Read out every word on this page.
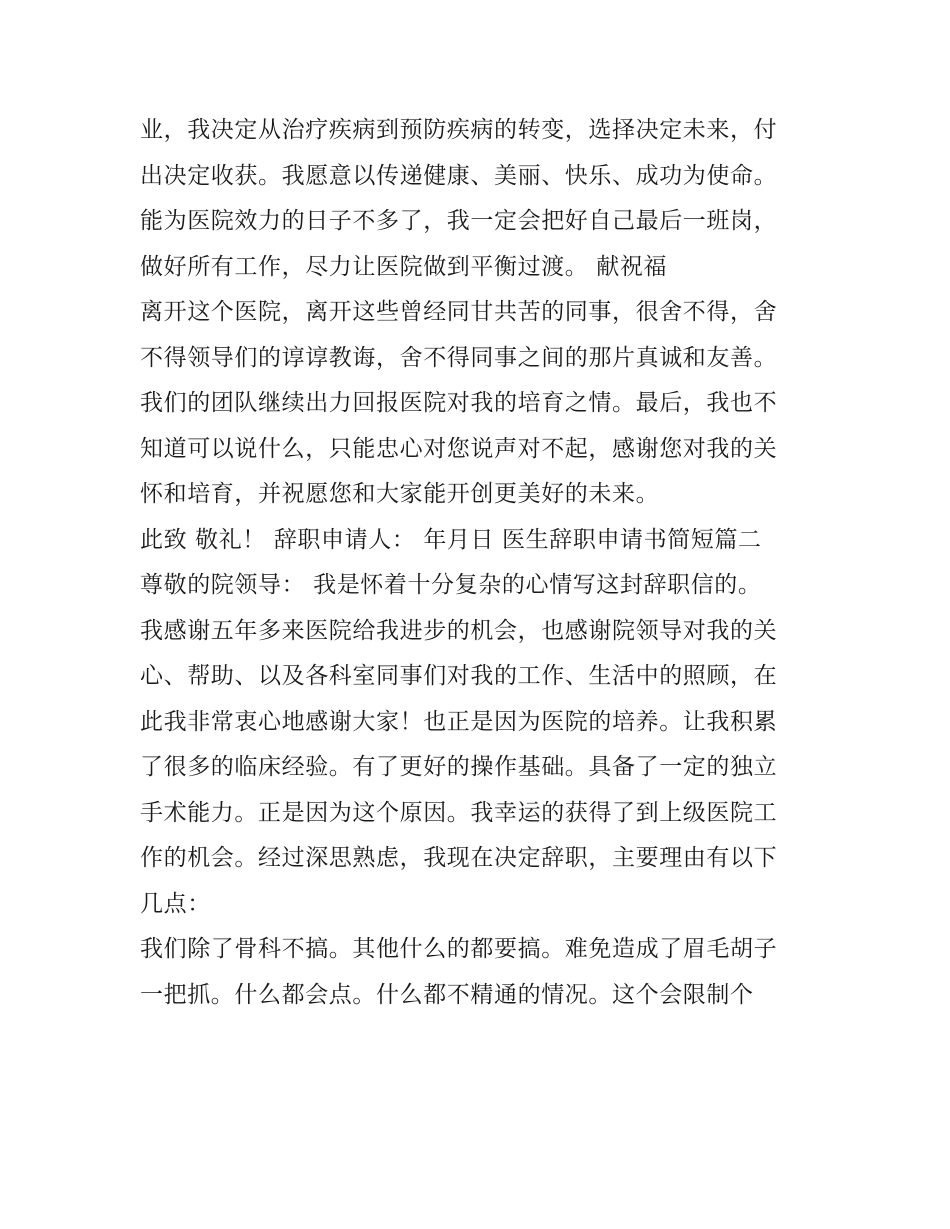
业，我决定从治疗疾病到预防疾病的转变，选择决定未来，付
出决定收获。我愿意以传递健康、美丽、快乐、成功为使命。
能为医院效力的日子不多了，我一定会把好自己最后一班岗，
做好所有工作，尽力让医院做到平衡过渡。 献祝福
离开这个医院，离开这些曾经同甘共苦的同事，很舍不得，舍
不得领导们的谆谆教诲，舍不得同事之间的那片真诚和友善。
我们的团队继续出力回报医院对我的培育之情。最后，我也不
知道可以说什么，只能忠心对您说声对不起，感谢您对我的关
怀和培育，并祝愿您和大家能开创更美好的未来。
此致 敬礼！ 辞职申请人： 年月日 医生辞职申请书简短篇二
尊敬的院领导： 我是怀着十分复杂的心情写这封辞职信的。
我感谢五年多来医院给我进步的机会，也感谢院领导对我的关
心、帮助、以及各科室同事们对我的工作、生活中的照顾，在
此我非常衷心地感谢大家！也正是因为医院的培养。让我积累
了很多的临床经验。有了更好的操作基础。具备了一定的独立
手术能力。正是因为这个原因。我幸运的获得了到上级医院工
作的机会。经过深思熟虑，我现在决定辞职，主要理由有以下
几点：
我们除了骨科不搞。其他什么的都要搞。难免造成了眉毛胡子
一把抓。什么都会点。什么都不精通的情况。这个会限制个
